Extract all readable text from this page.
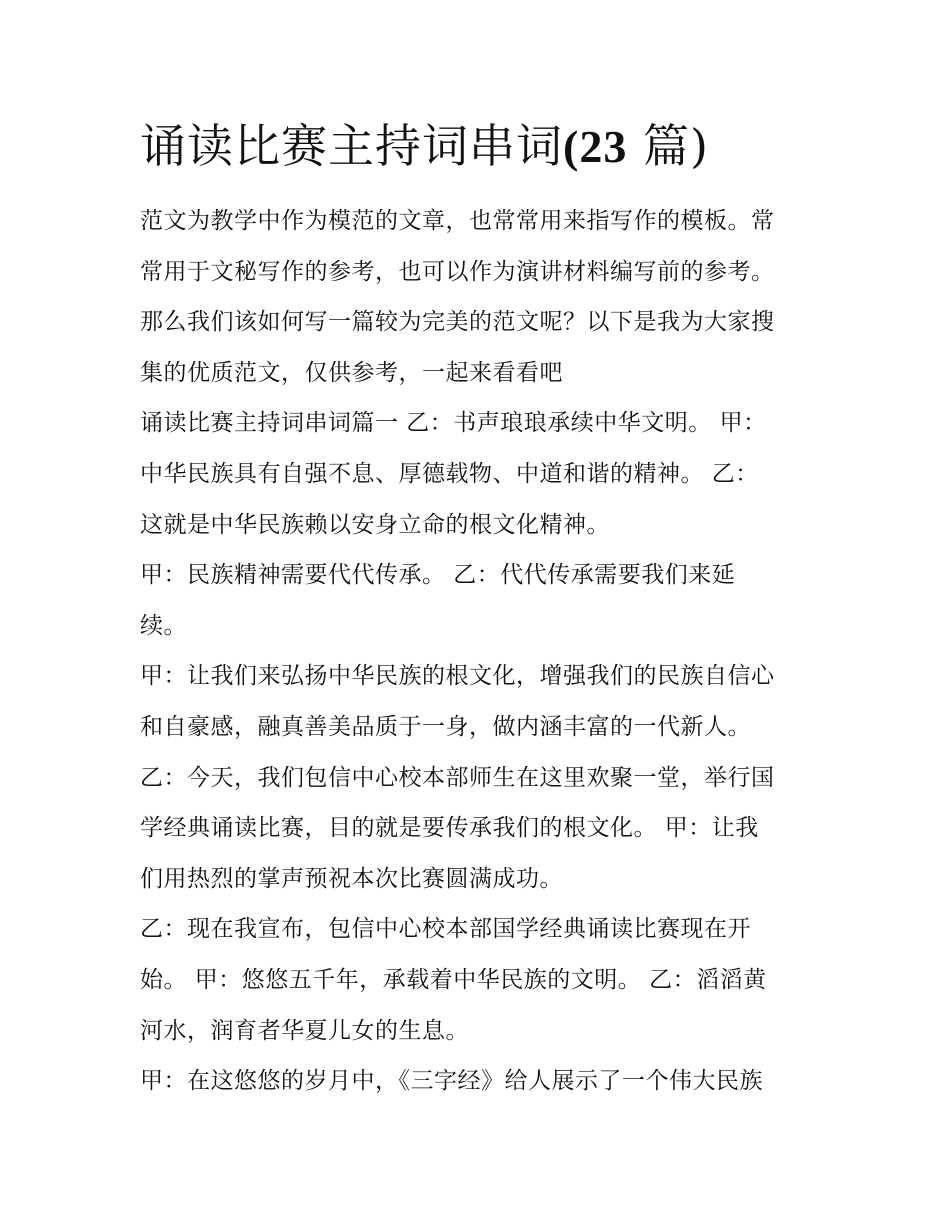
诵读比赛主持词串词(23 篇)
范文为教学中作为模范的文章，也常常用来指写作的模板。常
常用于文秘写作的参考，也可以作为演讲材料编写前的参考。
那么我们该如何写一篇较为完美的范文呢？以下是我为大家搜
集的优质范文，仅供参考，一起来看看吧
诵读比赛主持词串词篇一 乙：书声琅琅承续中华文明。 甲：
中华民族具有自强不息、厚德载物、中道和谐的精神。 乙：
这就是中华民族赖以安身立命的根文化精神。
甲：民族精神需要代代传承。 乙：代代传承需要我们来延
续。
甲：让我们来弘扬中华民族的根文化，增强我们的民族自信心
和自豪感，融真善美品质于一身，做内涵丰富的一代新人。
乙：今天，我们包信中心校本部师生在这里欢聚一堂，举行国
学经典诵读比赛，目的就是要传承我们的根文化。 甲：让我
们用热烈的掌声预祝本次比赛圆满成功。
乙：现在我宣布，包信中心校本部国学经典诵读比赛现在开
始。 甲：悠悠五千年，承载着中华民族的文明。 乙：滔滔黄
河水，润育者华夏儿女的生息。
甲：在这悠悠的岁月中，《三字经》给人展示了一个伟大民族
